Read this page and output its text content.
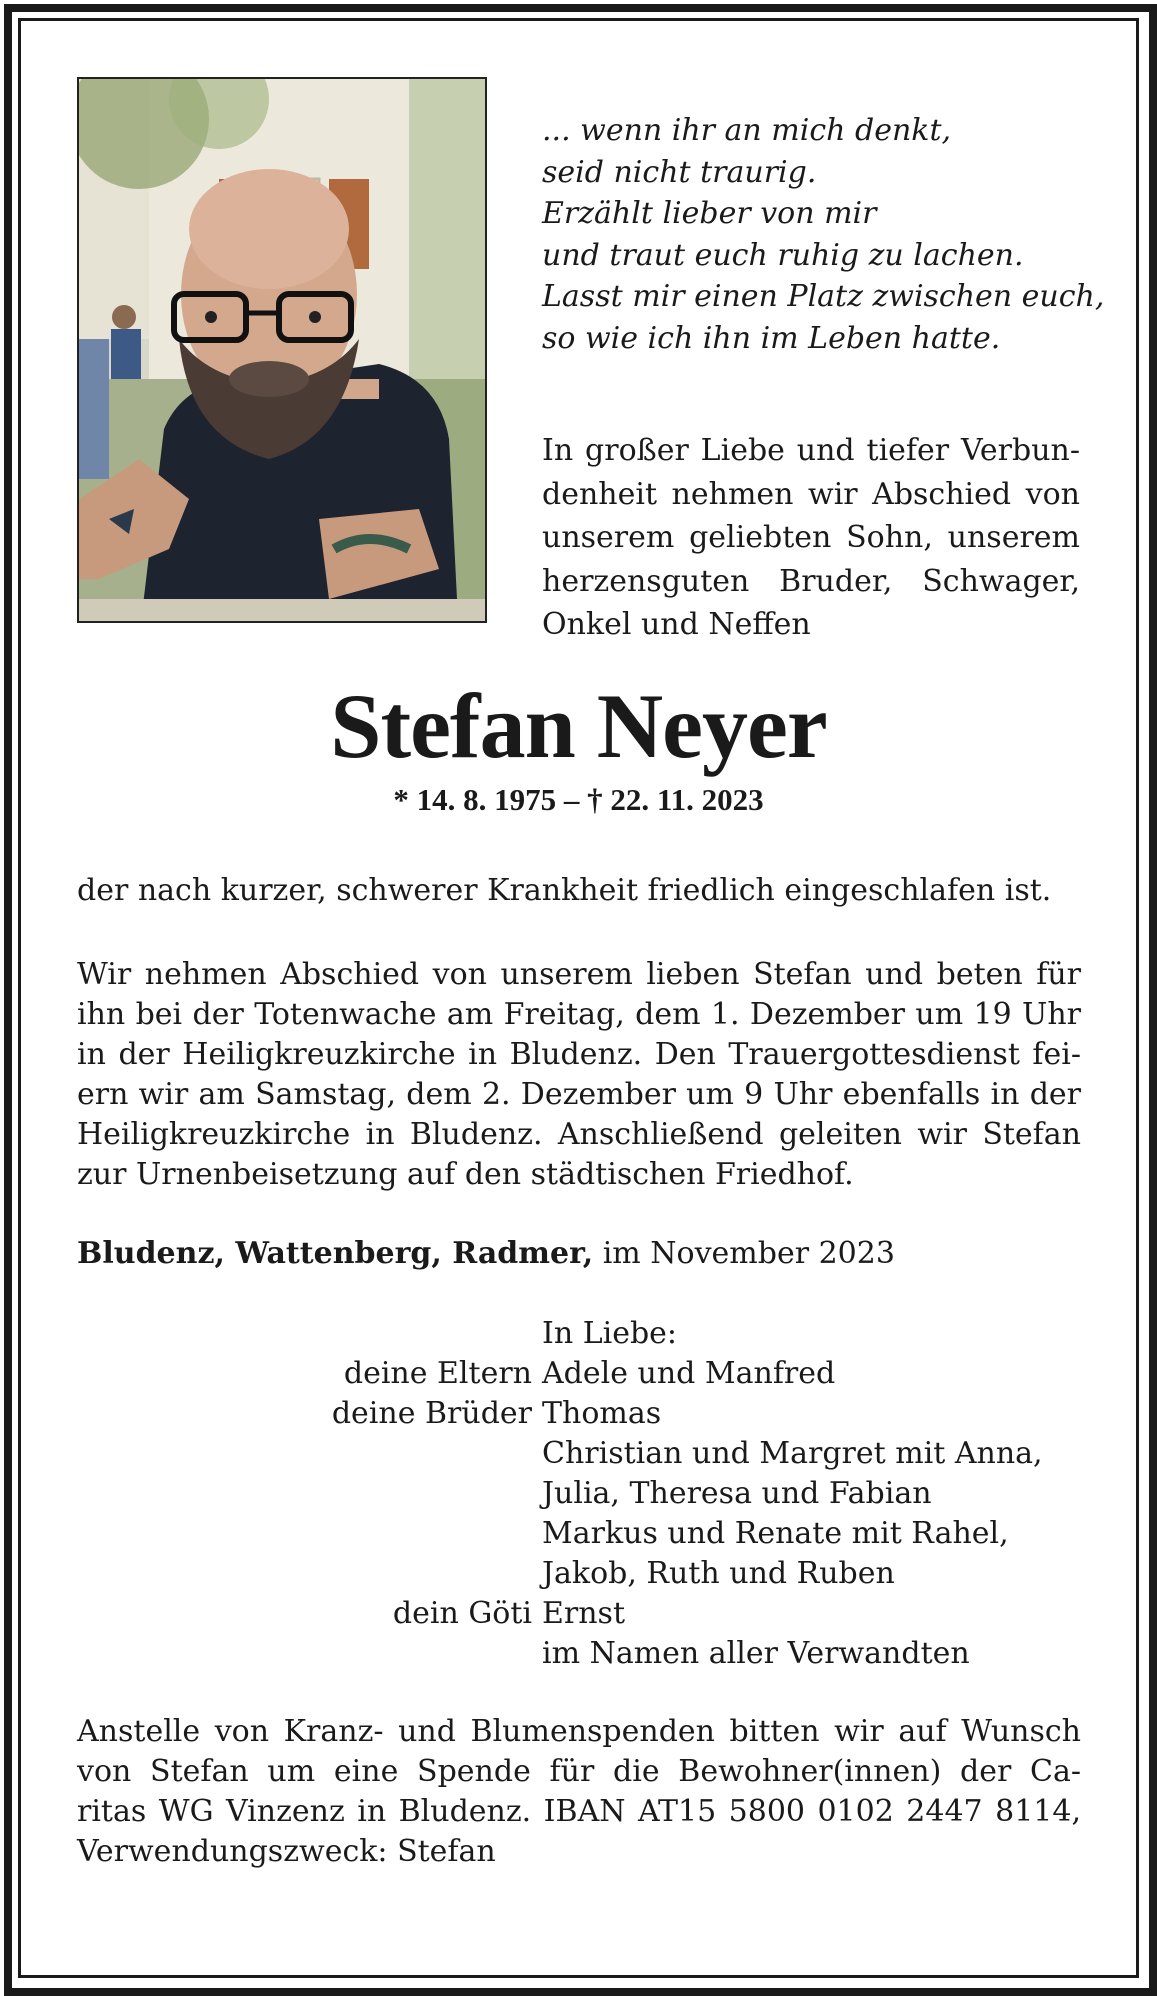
... wenn ihr an mich denkt,
seid nicht traurig.
Erzählt lieber von mir
und traut euch ruhig zu lachen.
Lasst mir einen Platz zwischen euch,
so wie ich ihn im Leben hatte.
In großer Liebe und tiefer Verbun-
denheit nehmen wir Abschied von
unserem geliebten Sohn, unserem
herzensguten Bruder, Schwager,
Onkel und Neffen
Stefan Neyer
* 14. 8. 1975 – † 22. 11. 2023
der nach kurzer, schwerer Krankheit friedlich eingeschlafen ist.
Wir nehmen Abschied von unserem lieben Stefan und beten für
ihn bei der Totenwache am Freitag, dem 1. Dezember um 19 Uhr
in der Heiligkreuzkirche in Bludenz. Den Trauergottesdienst fei-
ern wir am Samstag, dem 2. Dezember um 9 Uhr ebenfalls in der
Heiligkreuzkirche in Bludenz. Anschließend geleiten wir Stefan
zur Urnenbeisetzung auf den städtischen Friedhof.
Bludenz, Wattenberg, Radmer, im November 2023
In Liebe:
deine Eltern Adele und Manfred
deine Brüder Thomas
Christian und Margret mit Anna,
Julia, Theresa und Fabian
Markus und Renate mit Rahel,
Jakob, Ruth und Ruben
dein Göti Ernst
im Namen aller Verwandten
Anstelle von Kranz- und Blumenspenden bitten wir auf Wunsch
von Stefan um eine Spende für die Bewohner(innen) der Ca-
ritas WG Vinzenz in Bludenz. IBAN AT15 5800 0102 2447 8114,
Verwendungszweck: Stefan
